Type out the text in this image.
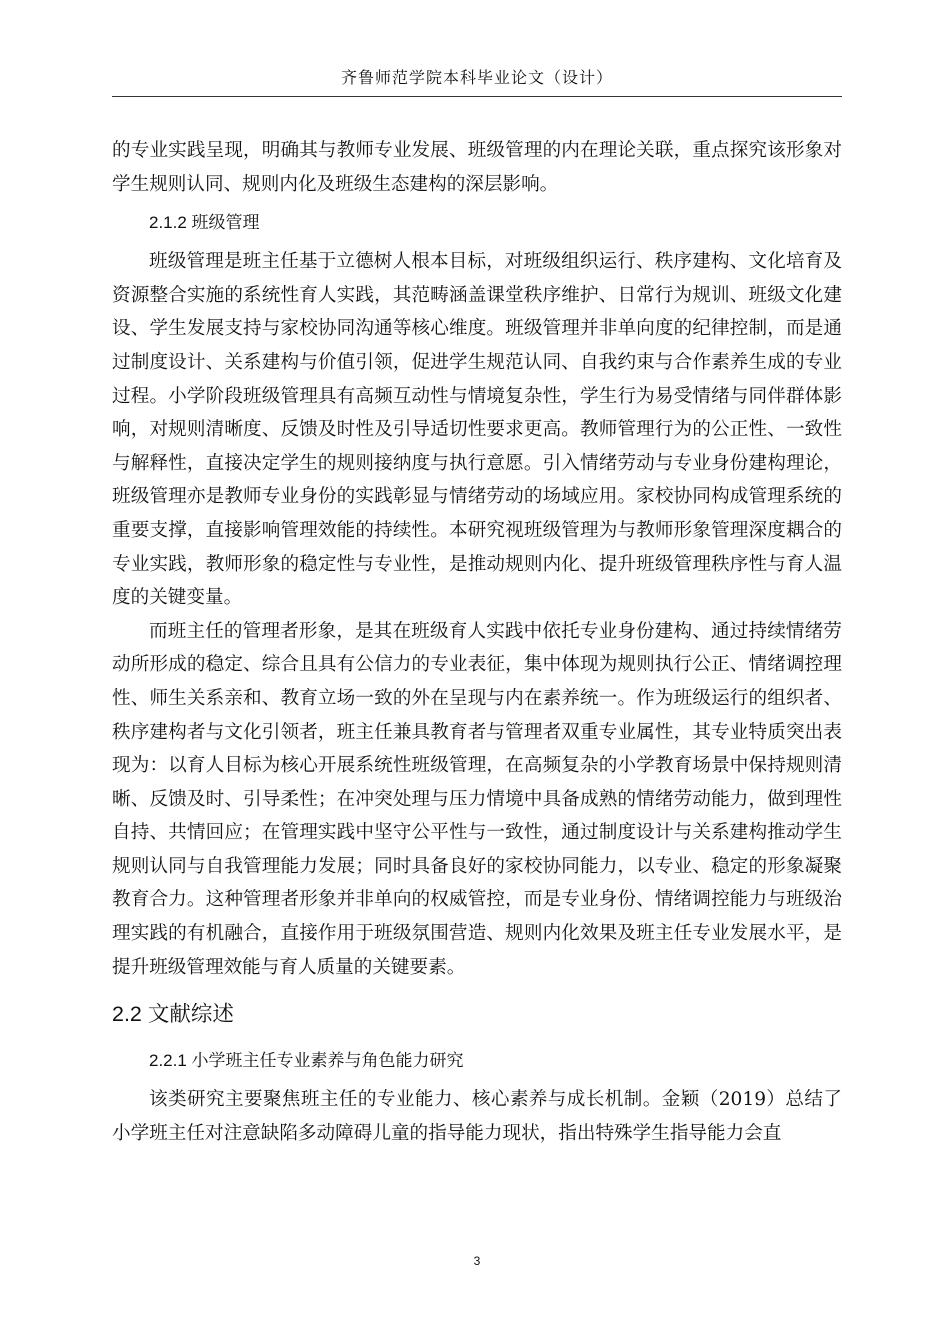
齐鲁师范学院本科毕业论文（设计）

的专业实践呈现，明确其与教师专业发展、班级管理的内在理论关联，重点探究该形象对学生规则认同、规则内化及班级生态建构的深层影响。

2.1.2 班级管理

班级管理是班主任基于立德树人根本目标，对班级组织运行、秩序建构、文化培育及资源整合实施的系统性育人实践，其范畴涵盖课堂秩序维护、日常行为规训、班级文化建设、学生发展支持与家校协同沟通等核心维度。班级管理并非单向度的纪律控制，而是通过制度设计、关系建构与价值引领，促进学生规范认同、自我约束与合作素养生成的专业过程。小学阶段班级管理具有高频互动性与情境复杂性，学生行为易受情绪与同伴群体影响，对规则清晰度、反馈及时性及引导适切性要求更高。教师管理行为的公正性、一致性与解释性，直接决定学生的规则接纳度与执行意愿。引入情绪劳动与专业身份建构理论，班级管理亦是教师专业身份的实践彰显与情绪劳动的场域应用。家校协同构成管理系统的重要支撑，直接影响管理效能的持续性。本研究视班级管理为与教师形象管理深度耦合的专业实践，教师形象的稳定性与专业性，是推动规则内化、提升班级管理秩序性与育人温度的关键变量。

而班主任的管理者形象，是其在班级育人实践中依托专业身份建构、通过持续情绪劳动所形成的稳定、综合且具有公信力的专业表征，集中体现为规则执行公正、情绪调控理性、师生关系亲和、教育立场一致的外在呈现与内在素养统一。作为班级运行的组织者、秩序建构者与文化引领者，班主任兼具教育者与管理者双重专业属性，其专业特质突出表现为：以育人目标为核心开展系统性班级管理，在高频复杂的小学教育场景中保持规则清晰、反馈及时、引导柔性；在冲突处理与压力情境中具备成熟的情绪劳动能力，做到理性自持、共情回应；在管理实践中坚守公平性与一致性，通过制度设计与关系建构推动学生规则认同与自我管理能力发展；同时具备良好的家校协同能力，以专业、稳定的形象凝聚教育合力。这种管理者形象并非单向的权威管控，而是专业身份、情绪调控能力与班级治理实践的有机融合，直接作用于班级氛围营造、规则内化效果及班主任专业发展水平，是提升班级管理效能与育人质量的关键要素。

2.2 文献综述
2.2.1 小学班主任专业素养与角色能力研究

该类研究主要聚焦班主任的专业能力、核心素养与成长机制。金颖（2019）总结了小学班主任对注意缺陷多动障碍儿童的指导能力现状，指出特殊学生指导能力会直

3
